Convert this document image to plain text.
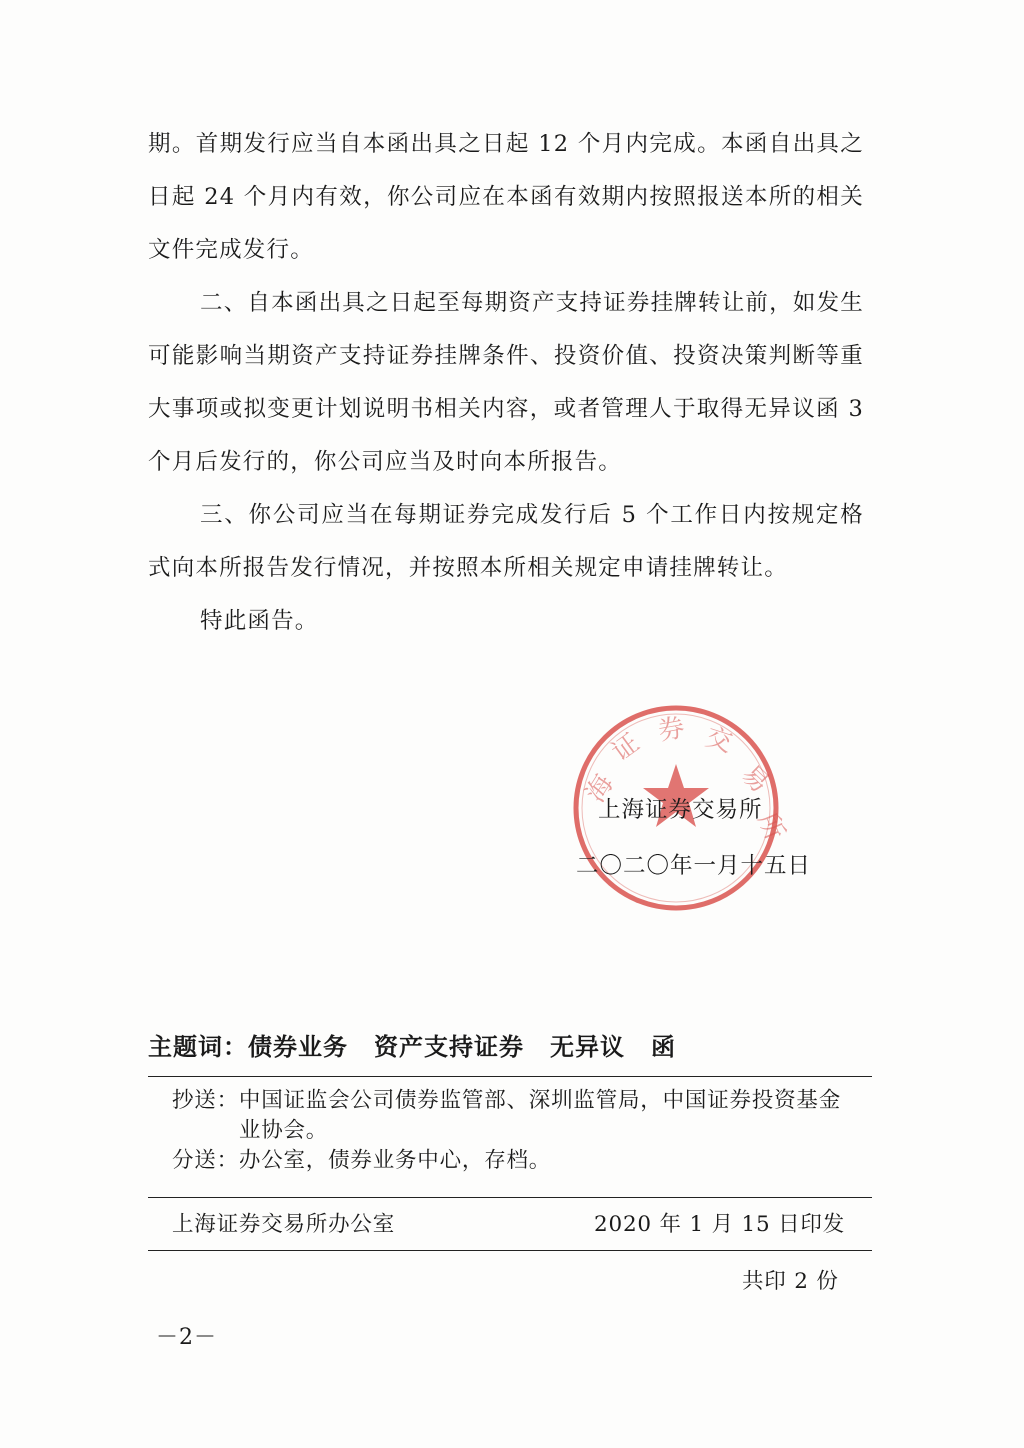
期。首期发行应当自本函出具之日起 12 个月内完成。本函自出具之日起 24 个月内有效，你公司应在本函有效期内按照报送本所的相关文件完成发行。

二、自本函出具之日起至每期资产支持证券挂牌转让前，如发生可能影响当期资产支持证券挂牌条件、投资价值、投资决策判断等重大事项或拟变更计划说明书相关内容，或者管理人于取得无异议函 3 个月后发行的，你公司应当及时向本所报告。

三、你公司应当在每期证券完成发行后 5 个工作日内按规定格式向本所报告发行情况，并按照本所相关规定申请挂牌转让。

特此函告。

海
证 券 交
易
所
上海证券交易所
二〇二〇年一月十五日
主题词：债券业务 资产支持证券 无异议 函
抄送： 中国证监会公司债券监管部、深圳监管局，中国证券投资基金业协会。
分送： 办公室，债券业务中心，存档。
上海证券交易所办公室	2020 年 1 月 15 日印发
共印 2 份
－2－
